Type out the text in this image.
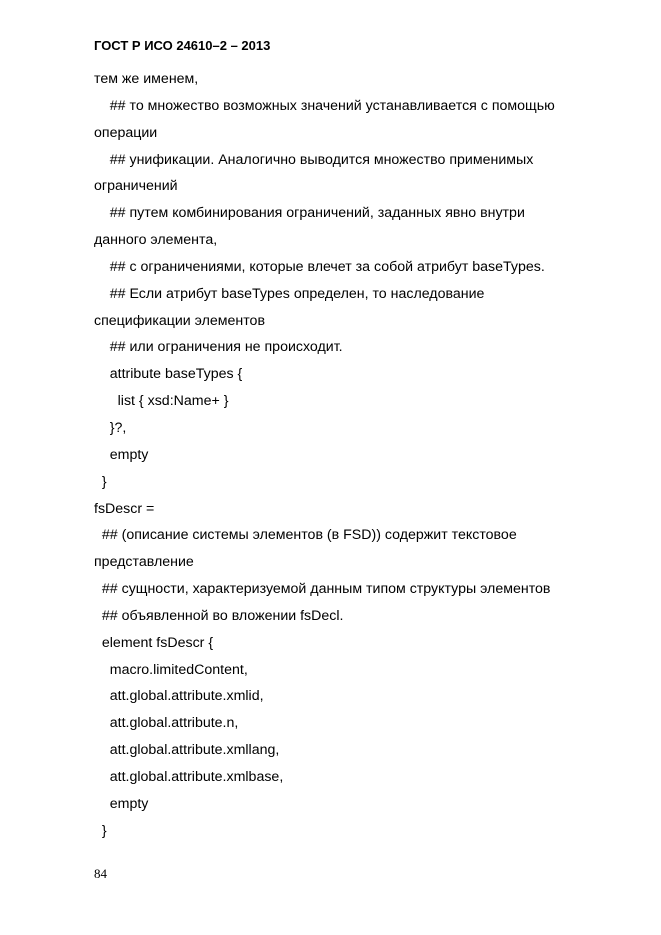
ГОСТ Р ИСО 24610–2 – 2013
тем же именем,
## то множество возможных значений устанавливается с помощью
операции
## унификации. Аналогично выводится множество применимых
ограничений
## путем комбинирования ограничений, заданных явно внутри
данного элемента,
## с ограничениями, которые влечет за собой атрибут baseTypes.
## Если атрибут baseTypes определен, то наследование
спецификации элементов
## или ограничения не происходит.
attribute baseTypes {
list { xsd:Name+ }
}?,
empty
}
fsDescr =
## (описание системы элементов (в FSD)) содержит текстовое
представление
## сущности, характеризуемой данным типом структуры элементов
## объявленной во вложении fsDecl.
element fsDescr {
macro.limitedContent,
att.global.attribute.xmlid,
att.global.attribute.n,
att.global.attribute.xmllang,
att.global.attribute.xmlbase,
empty
}
84
